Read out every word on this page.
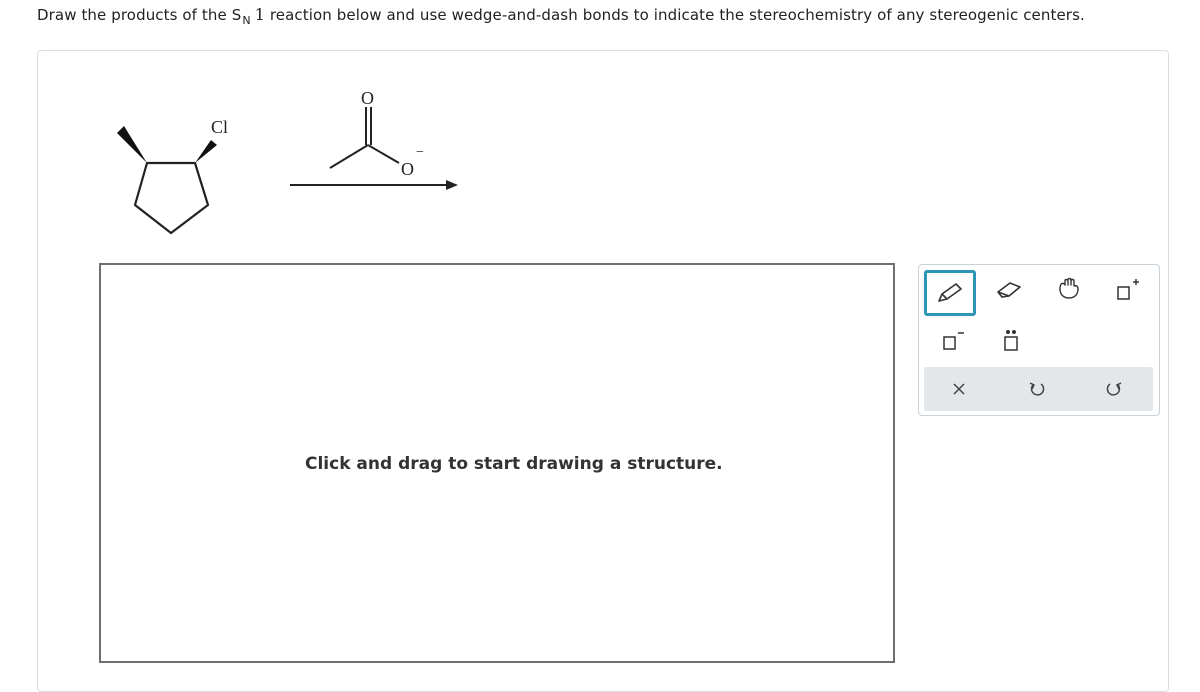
Draw the products of the $S_N$ 1 reaction below and use wedge-and-dash bonds to indicate the stereochemistry of any stereogenic centers.
Cl
O
O
−
Click and drag to start drawing a structure.
